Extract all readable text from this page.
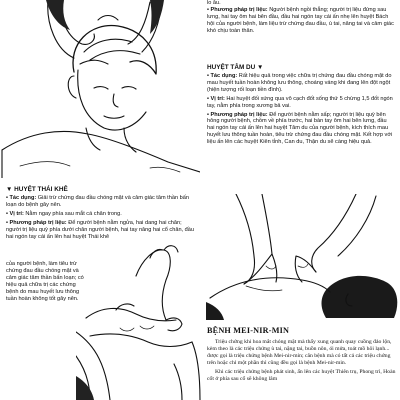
lo âu.

• Phương pháp trị liệu: Người bệnh ngồi thẳng; người trị liệu đứng sau lưng, hai tay ôm hai bên đầu, đầu hai ngón tay cái ấn nhẹ lên huyệt Bách hội của người bệnh, làm liệu trừ chứng đau đầu, ù tai, nâng tai và cảm giác khó chịu toàn thân.

HUYỆT TÂM DU ▼

• Tác dụng: Rất hiệu quả trong việc chữa trị chứng đau đầu chóng mặt do mau huyết tuần hoàn không lưu thông, choáng váng khi đang lên đột ngột (hiện tượng rối loạn tiền đình).

• Vị trí: Hai huyệt đối xứng qua vô cạch đốt sống thứ 5 chừng 1,5 đốt ngón tay, nằm phía trong xương bả vai.

• Phương pháp trị liệu: Để người bệnh nằm sấp; người trị liệu quỳ bên hông người bệnh, chồm về phía trước, hai bàn tay ôm hai bên lưng, đầu hai ngón tay cái ấn lên hai huyệt Tâm du của người bệnh, kích thích mau huyết lưu thông tuần hoàn, tiêu trừ chứng đau đầu chóng mặt. Kết hợp với liệu ấn lên các huyệt Kiên tỉnh, Can du, Thận du sẽ càng hiệu quả.

▼ HUYỆT THÁI KHÊ

• Tác dụng: Giải trừ chứng đau đầu chóng mặt và cảm giác tâm thần bấn loạn do bệnh gây nên.

• Vị trí: Nằm ngay phía sau mắt cá chân trong.

• Phương pháp trị liệu: Để người bệnh nằm ngửa, hai dang hai chân; người trị liệu quỳ phía dưới chân người bệnh, hai tay nâng hai cổ chân, đầu hai ngón tay cái ấn lên hai huyệt Thái khê

của người bệnh, làm tiêu trừ chứng đau đầu chóng mặt và cảm giác tâm thần bấn loạn; có hiệu quả chữa trị các chứng bệnh do mau huyết lưu thông tuần hoàn không tốt gây nên.

BỆNH MEI-NIR-MIN

Triệu chứng khi hoa mắt chóng mặt mà thấy xung quanh quay cuồng đảo lộn, kèm theo là các triệu chứng ù tai, nặng tai, buồn nôn, ói mửa, toát mồ hôi lạnh... được gọi là triệu chứng bệnh Mei-nir-min; căn bệnh mà có tất cả các triệu chứng trên hoặc chỉ một phần thì cũng đều gọi là bệnh Mei-nir-min.

Khi các triệu chứng bệnh phát sinh, ấn lên các huyệt Thiên trụ, Phong trì, Hoàn cốt ở phía sau cổ sẽ không lâm
